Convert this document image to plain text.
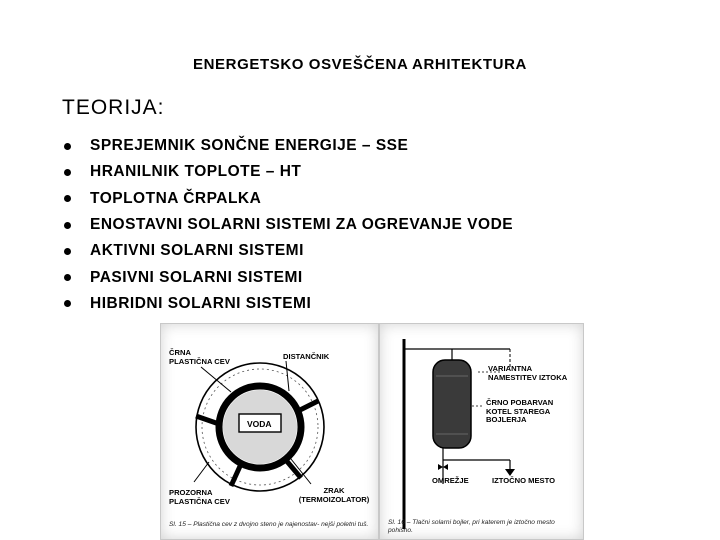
ENERGETSKO OSVEŠČENA ARHITEKTURA
TEORIJA:
SPREJEMNIK SONČNE ENERGIJE – SSE
HRANILNIK TOPLOTE – HT
TOPLOTNA ČRPALKA
ENOSTAVNI SOLARNI SISTEMI ZA OGREVANJE VODE
AKTIVNI SOLARNI SISTEMI
PASIVNI SOLARNI SISTEMI
HIBRIDNI SOLARNI SISTEMI
ČRNA PLASTIČNA CEV	DISTANČNIK
VODA
PROZORNA PLASTIČNA CEV
ZRAK (TERMOIZOLATOR)
Sl. 15 – Plastična cev z dvojno steno je najenostav- nejši poletni tuš.
VARIANTNA NAMESTITEV IZTOKA
ČRNO POBARVAN KOTEL STAREGA BOJLERJA
OMREŽJE	IZTOČNO MESTO
Sl. 16 – Tlačni solarni bojler, pri katerem je iztočno mesto pohišno.
